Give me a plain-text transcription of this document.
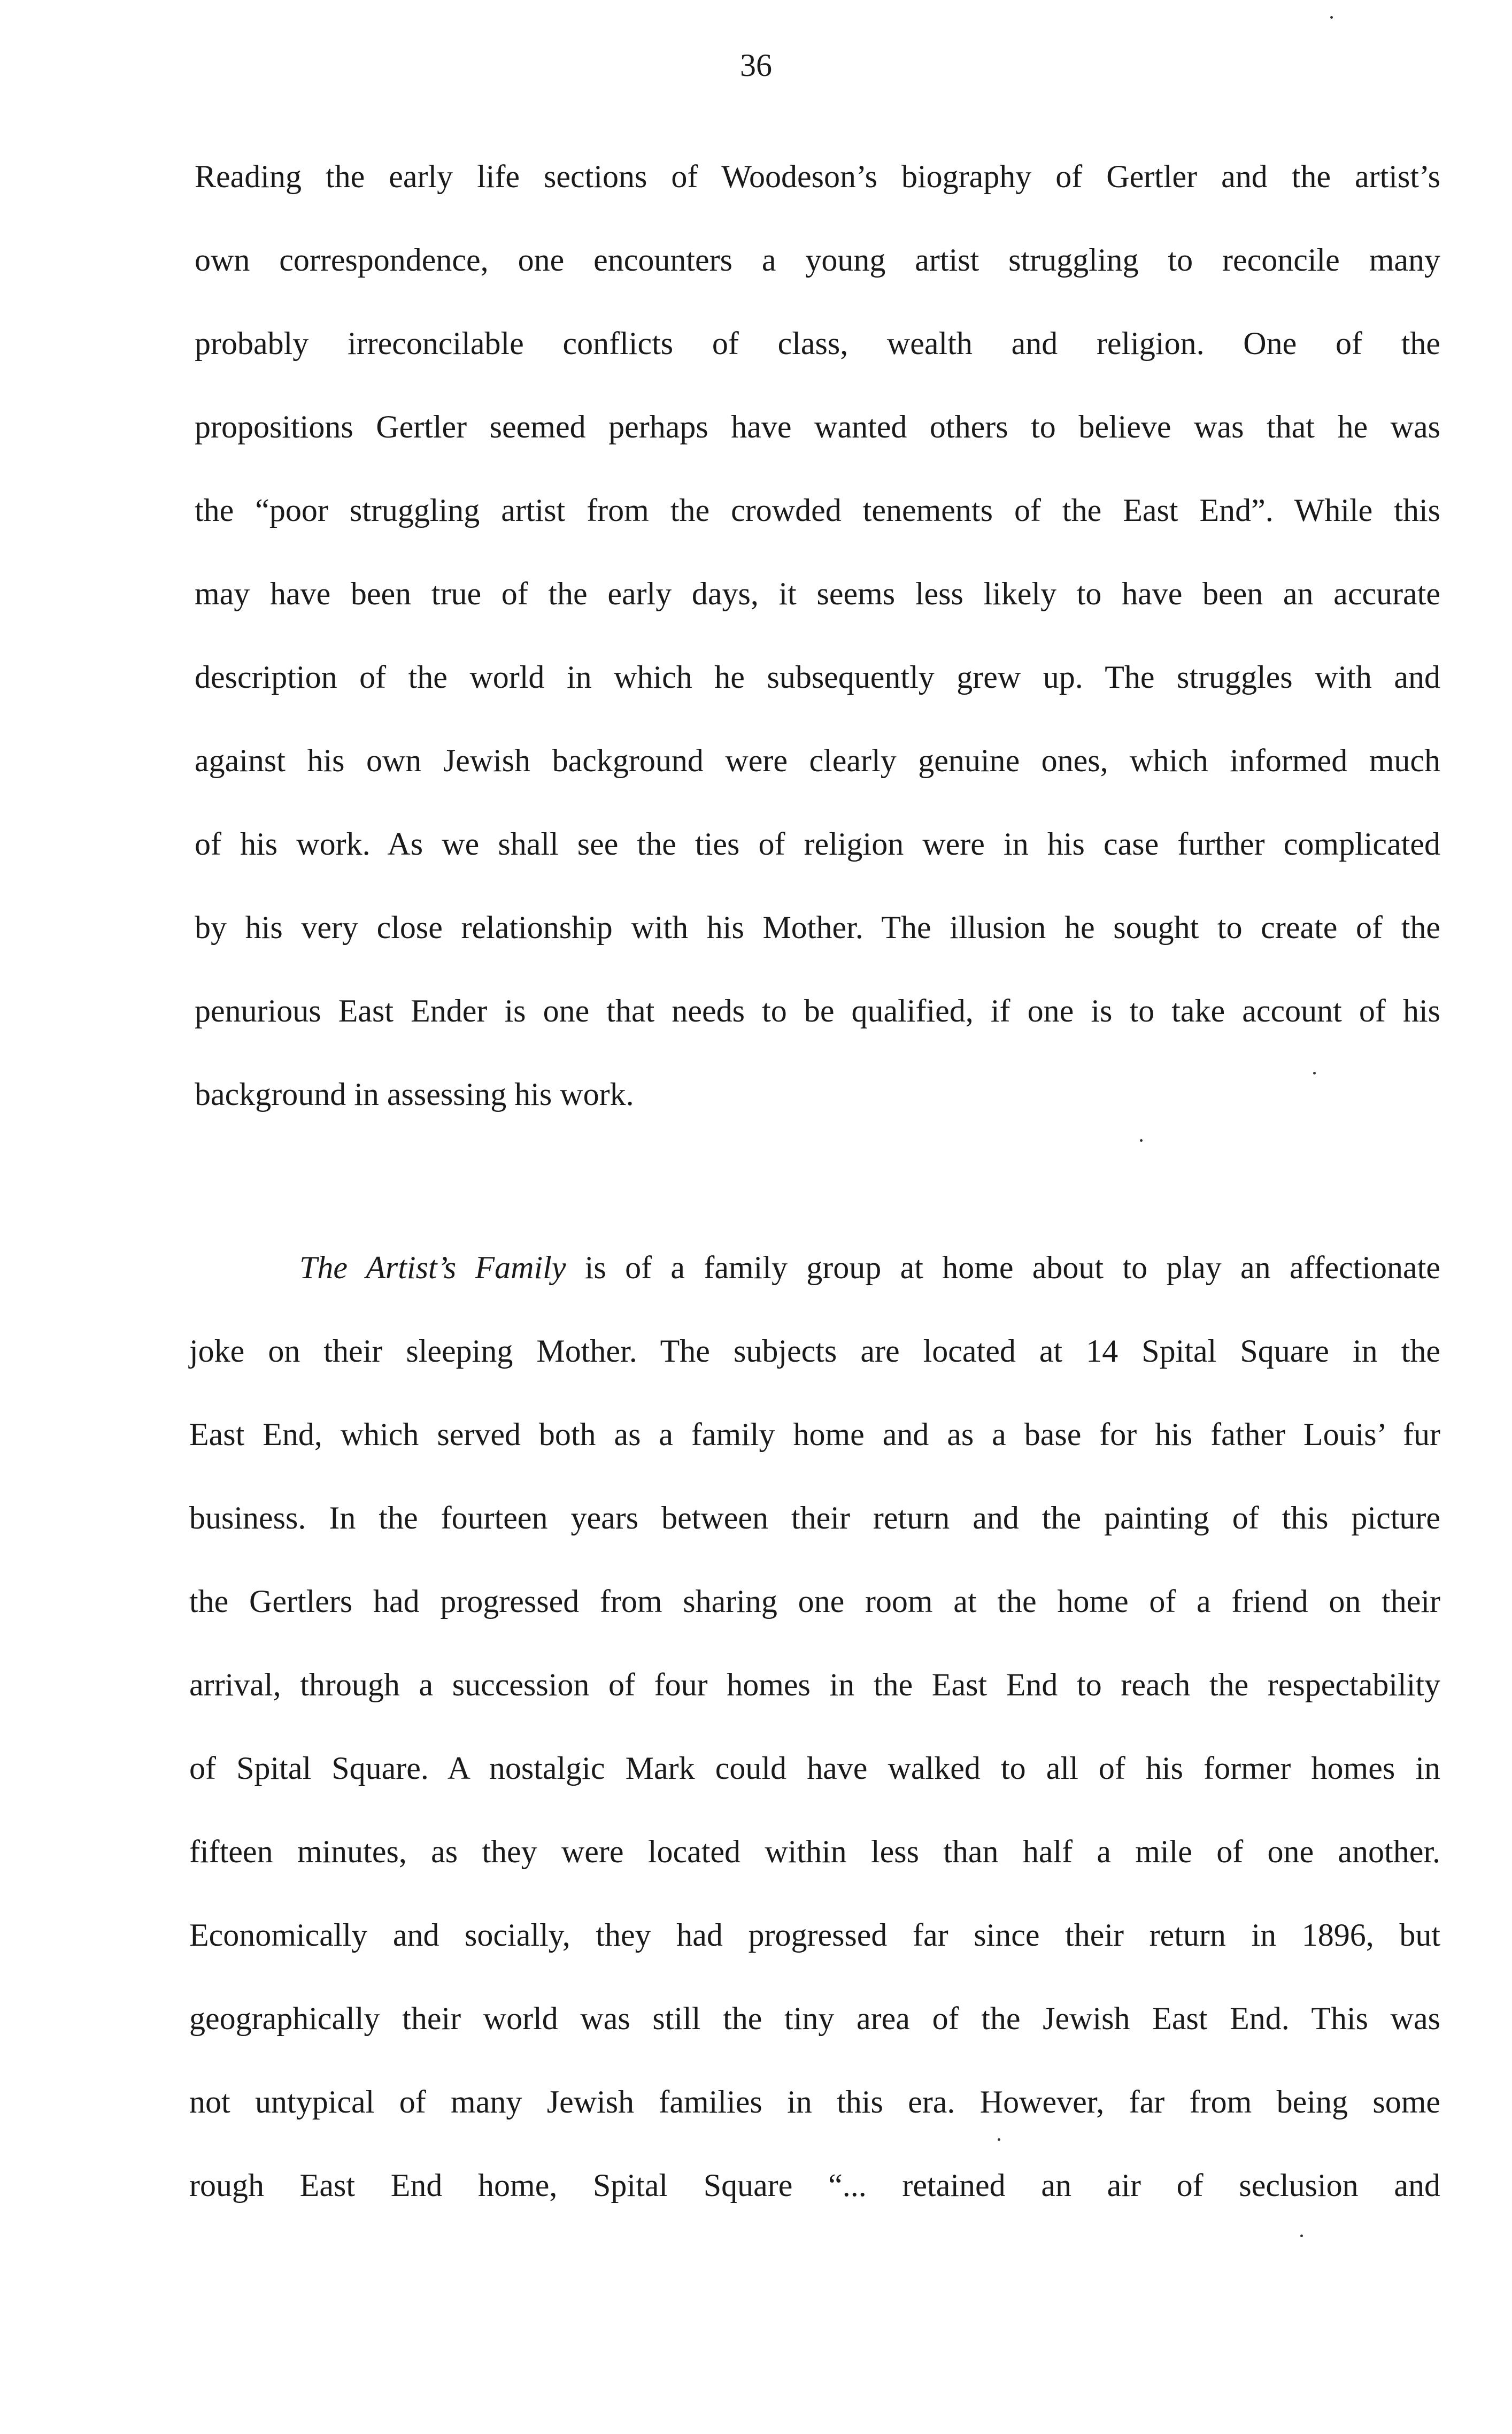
36
Reading the early life sections of Woodeson’s biography of Gertler and the artist’s
own correspondence, one encounters a young artist struggling to reconcile many
probably irreconcilable conflicts of class, wealth and religion. One of the
propositions Gertler seemed perhaps have wanted others to believe was that he was
the “poor struggling artist from the crowded tenements of the East End”. While this
may have been true of the early days, it seems less likely to have been an accurate
description of the world in which he subsequently grew up. The struggles with and
against his own Jewish background were clearly genuine ones, which informed much
of his work. As we shall see the ties of religion were in his case further complicated
by his very close relationship with his Mother. The illusion he sought to create of the
penurious East Ender is one that needs to be qualified, if one is to take account of his
background in assessing his work.
The Artist’s Family is of a family group at home about to play an affectionate
joke on their sleeping Mother. The subjects are located at 14 Spital Square in the
East End, which served both as a family home and as a base for his father Louis’ fur
business. In the fourteen years between their return and the painting of this picture
the Gertlers had progressed from sharing one room at the home of a friend on their
arrival, through a succession of four homes in the East End to reach the respectability
of Spital Square. A nostalgic Mark could have walked to all of his former homes in
fifteen minutes, as they were located within less than half a mile of one another.
Economically and socially, they had progressed far since their return in 1896, but
geographically their world was still the tiny area of the Jewish East End. This was
not untypical of many Jewish families in this era. However, far from being some
rough East End home, Spital Square “... retained an air of seclusion and
